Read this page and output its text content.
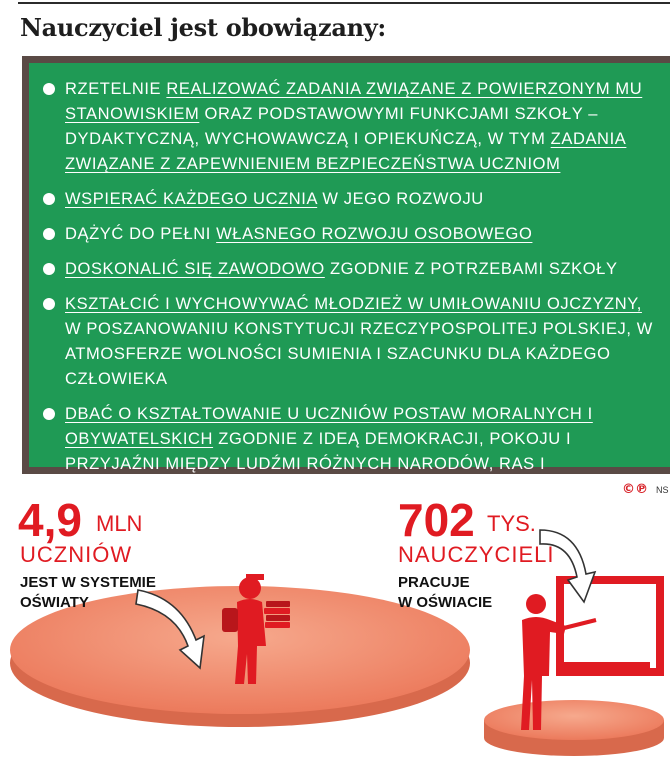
Nauczyciel jest obowiązany:
RZETELNIE REALIZOWAĆ ZADANIA ZWIĄZANE Z POWIERZONYM MU STANOWISKIEM ORAZ PODSTAWOWYMI FUNKCJAMI SZKOŁY – DYDAKTYCZNĄ, WYCHOWAWCZĄ I OPIEKUŃCZĄ, W TYM ZADANIA ZWIĄZANE Z ZAPEWNIENIEM BEZPIECZEŃSTWA UCZNIOM
WSPIERAĆ KAŻDEGO UCZNIA W JEGO ROZWOJU
DĄŻYĆ DO PEŁNI WŁASNEGO ROZWOJU OSOBOWEGO
DOSKONALIĆ SIĘ ZAWODOWO ZGODNIE Z POTRZEBAMI SZKOŁY
KSZTAŁCIĆ I WYCHOWYWAĆ MŁODZIEŻ W UMIŁOWANIU OJCZYZNY, W POSZANOWANIU KONSTYTUCJI RZECZYPOSPOLITEJ POLSKIEJ, W ATMOSFERZE WOLNOŚCI SUMIENIA I SZACUNKU DLA KAŻDEGO CZŁOWIEKA
DBAĆ O KSZTAŁTOWANIE U UCZNIÓW POSTAW MORALNYCH I OBYWATELSKICH ZGODNIE Z IDEĄ DEMOKRACJI, POKOJU I PRZYJAŹNI MIĘDZY LUDŹMI RÓŻNYCH NARODÓW, RAS I ŚWIATOPOGLĄDÓW.	©℗ NS
4,9 MLN
UCZNIÓW
JEST W SYSTEMIE
OŚWIATY
702 TYS.
NAUCZYCIELI
PRACUJE
W OŚWIACIE
